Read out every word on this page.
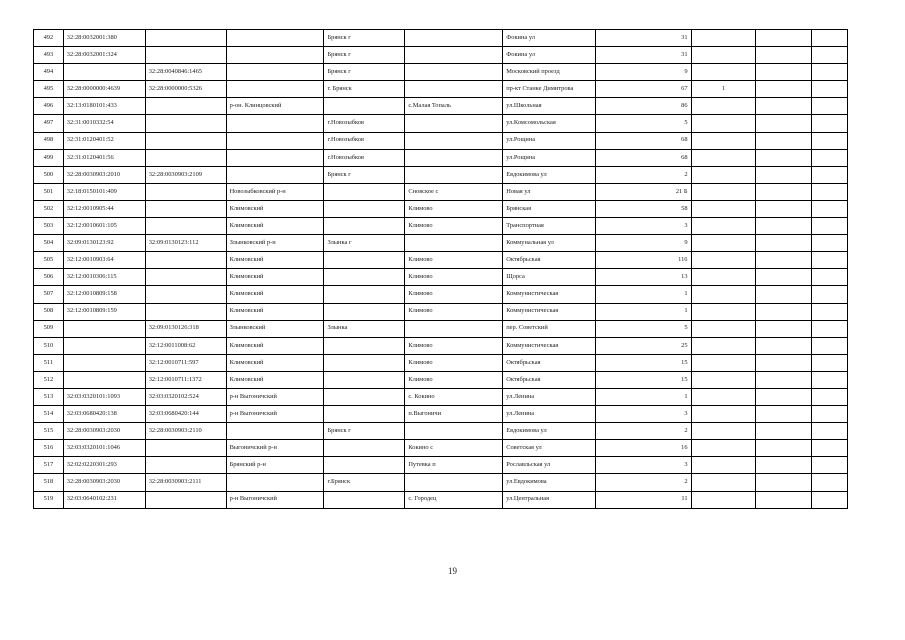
492	32:28:0032001:380			Брянск г		Фокина ул	31			
493	32:28:0032001:324			Брянск г		Фокина ул	31			
494		32:28:0040846:1465		Брянск г		Московский проезд	9			
495	32:28:0000000:4639	32:28:0000000:5326		г. Брянск		пр-кт Станке Димитрова	67	1		
496	32:13:0180101:433		р-он. Клинцовский		с.Малая Топаль	ул.Школьная	86			
497	32:31:0010332:54			г.Новозыбков		ул.Комсомольская	5			
498	32:31:0120401:52			г.Новозыбков		ул.Рощина	68			
499	32:31:0120401:56			г.Новозыбков		ул.Рощина	68			
500	32:28:0030903:2010	32:28:0030903:2109		Брянск г		Евдокимова ул	2			
501	32:18:0150101:409		Новозыбковский р-н		Сновское с	Новая ул	21 Б			
502	32:12:0010905:44		Климовский		Климово	Брянская	58			
503	32:12:0010601:105		Климовский		Климово	Транспортная	3			
504	32:09:0130123:92	32:09:0130123:112	Злынковский р-н	Злынка г		Коммунальная ул	9			
505	32:12:0010903:64		Климовский		Климово	Октябрьская	116			
506	32:12:0010306:115		Климовский		Климово	Щорса	13			
507	32:12:0010809:158		Климовский		Климово	Коммунистическая	1			
508	32:12:0010809:159		Климовский		Климово	Коммунистическая	1			
509		32:09:0130126:318	Злынковский	Злынка		пер. Советский	5			
510		32:12:0011008:62	Климовский		Климово	Коммунистическая	25			
511		32:12:0010711:597	Климовский		Климово	Октябрьская	15			
512		32:12:0010711:1372	Климовский		Климово	Октябрьская	15			
513	32:03:0320101:1093	32:03:0320102:524	р-н Выгоничский		с. Кокино	ул.Ленина	1			
514	32:03:0680420:138	32:03:0680420:144	р-н Выгоничский		п.Выгоничи	ул.Ленина	3			
515	32:28:0030903:2030	32:28:0030903:2110		Брянск г		Евдокимова ул	2			
516	32:03:0320101:1046		Выгоничский р-н		Кокино с	Советская ул	16			
517	32:02:0220301:293		Брянский р-н		Путевка п	Рославльская ул	3			
518	32:28:0030903:2030	32:28:0030903:2111		г.Брянск		ул.Евдокимова	2			
519	32:03:0640102:231		р-н Выгоничский		с. Городец	ул.Центральная	11			
19
